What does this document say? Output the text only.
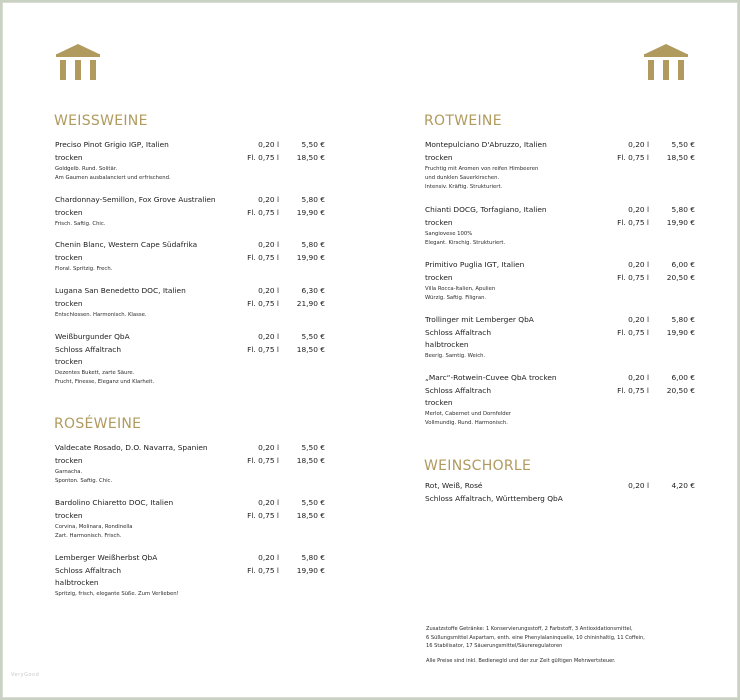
WEISSWEINE
Preciso Pinot Grigio IGP, Italien	0,20 l	5,50 €
trocken	Fl. 0,75 l 18,50 €
Goldgelb. Rund. Solitär.
Am Gaumen ausbalanciert und erfrischend.
Chardonnay-Semillon, Fox Grove Australien	0,20 l	5,80 €
trocken	Fl. 0,75 l 19,90 €
Frisch. Saftig. Chic.
Chenin Blanc, Western Cape Südafrika	0,20 l	5,80 €
trocken	Fl. 0,75 l 19,90 €
Floral. Spritzig. Frech.
Lugana San Benedetto DOC, Italien	0,20 l	6,30 €
trocken	Fl. 0,75 l 21,90 €
Entschlossen. Harmonisch. Klasse.
Weißburgunder QbA	0,20 l	5,50 €
Schloss Affaltrach	Fl. 0,75 l 18,50 €
trocken
Dezentes Bukett, zarte Säure.
Frucht, Finesse, Eleganz und Klarheit.
ROSÉWEINE
Valdecate Rosado, D.O. Navarra, Spanien	0,20 l	5,50 €
trocken	Fl. 0,75 l 18,50 €
Garnacha.
Sponton. Saftig. Chic.
Bardolino Chiaretto DOC, Italien	0,20 l	5,50 €
trocken	Fl. 0,75 l 18,50 €
Corvina, Molinara, Rondinella
Zart. Harmonisch. Frisch.
Lemberger Weißherbst QbA	0,20 l	5,80 €
Schloss Affaltrach	Fl. 0,75 l 19,90 €
halbtrocken
Spritzig, frisch, elegante Süße. Zum Verlieben!
ROTWEINE
Montepulciano D'Abruzzo, Italien	0,20 l	5,50 €
trocken	Fl. 0,75 l 18,50 €
Fruchtig mit Aromen von reifen Himbeeren
und dunklen Sauerkirschen.
Intensiv. Kräftig. Strukturiert.
Chianti DOCG, Torfagiano, Italien	0,20 l	5,80 €
trocken	Fl. 0,75 l 19,90 €
Sangiovese 100%
Elegant. Kirschig. Strukturiert.
Primitivo Puglia IGT, Italien	0,20 l	6,00 €
trocken	Fl. 0,75 l 20,50 €
Villa Rocca-Italien, Apulien
Würzig. Saftig. Filigran.
Trollinger mit Lemberger QbA	0,20 l	5,80 €
Schloss Affaltrach	Fl. 0,75 l 19,90 €
halbtrocken
Beerig. Samtig. Weich.
„Marc“-Rotwein-Cuvee QbA trocken	0,20 l	6,00 €
Schloss Affaltrach	Fl. 0,75 l 20,50 €
trocken
Merlot, Cabernet und Dornfelder
Vollmundig. Rund. Harmonisch.
WEINSCHORLE
Rot, Weiß, Rosé	0,20 l	4,20 €
Schloss Affaltrach, Württemberg QbA
Zusatzstoffe Getränke: 1 Konservierungsstoff, 2 Farbstoff, 3 Antioxidationsmittel,
6 Süßungsmittel Aspartam, enth. eine Phenylalaninquelle, 10 chininhaltig, 11 Coffein,
16 Stabilisator, 17 Säuerungsmittel/Säureregulatoren
Alle Preise sind inkl. Bedienegld und der zur Zeit gültigen Mehrwertsteuer.
VeryGood
